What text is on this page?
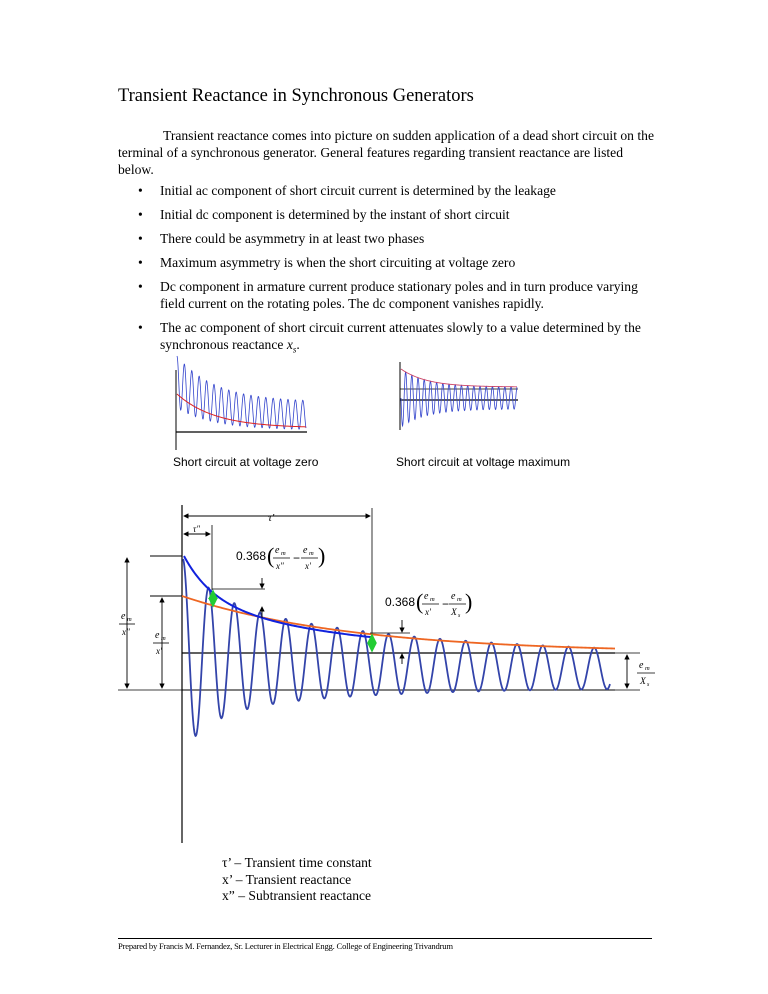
Transient Reactance in Synchronous Generators
Transient reactance comes into picture on sudden application of a dead short circuit on the terminal of a synchronous generator. General features regarding transient reactance are listed below.
• Initial ac component of short circuit current is determined by the leakage
• Initial dc component is determined by the instant of short circuit
• There could be asymmetry in at least two phases
• Maximum asymmetry is when the short circuiting at voltage zero
• Dc component in armature current produce stationary poles and in turn produce varying field current on the rotating poles. The dc component vanishes rapidly.
• The ac component of short circuit current attenuates slowly to a value determined by the synchronous reactance $x_s$.
Short circuit at voltage zero	Short circuit at voltage maximum
τ'
τ"
e m
x"	e m
x'
e m
X s
0.368 ( e m
x"
−
e m
x' )
0.368 ( e m
x'
−
e m
X s
)
τ’ – Transient time constant
x’ – Transient reactance
x” – Subtransient reactance
Prepared by Francis M. Fernandez, Sr. Lecturer in Electrical Engg. College of Engineering Trivandrum
